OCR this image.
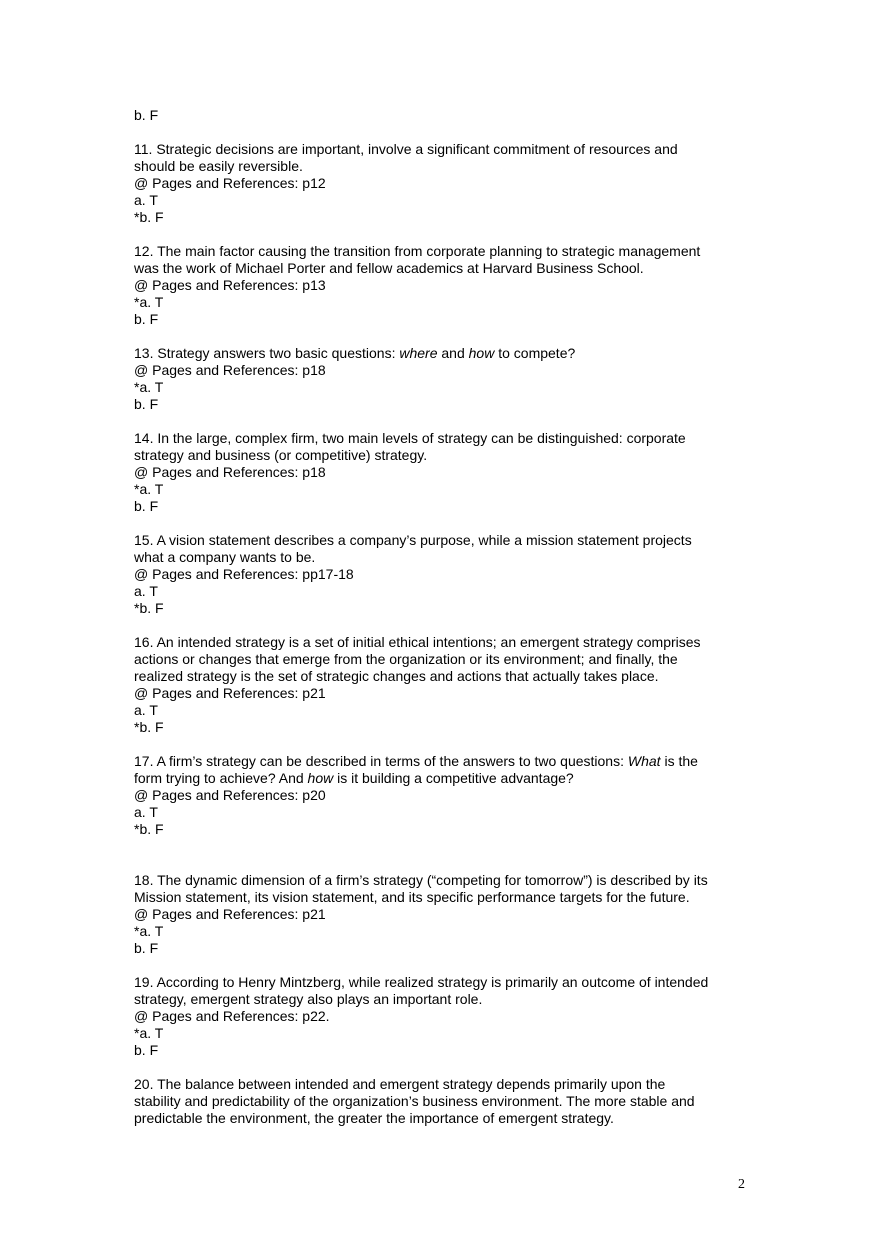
b. F
11. Strategic decisions are important, involve a significant commitment of resources and
should be easily reversible.
@ Pages and References: p12
a. T
*b. F
12. The main factor causing the transition from corporate planning to strategic management
was the work of Michael Porter and fellow academics at Harvard Business School.
@ Pages and References: p13
*a. T
b. F
13. Strategy answers two basic questions: where and how to compete?
@ Pages and References: p18
*a. T
b. F
14. In the large, complex firm, two main levels of strategy can be distinguished: corporate
strategy and business (or competitive) strategy.
@ Pages and References: p18
*a. T
b. F
15. A vision statement describes a company’s purpose, while a mission statement projects
what a company wants to be.
@ Pages and References: pp17-18
a. T
*b. F
16. An intended strategy is a set of initial ethical intentions; an emergent strategy comprises
actions or changes that emerge from the organization or its environment; and finally, the
realized strategy is the set of strategic changes and actions that actually takes place.
@ Pages and References: p21
a. T
*b. F
17. A firm’s strategy can be described in terms of the answers to two questions: What is the
form trying to achieve? And how is it building a competitive advantage?
@ Pages and References: p20
a. T
*b. F
18. The dynamic dimension of a firm’s strategy (“competing for tomorrow”) is described by its
Mission statement, its vision statement, and its specific performance targets for the future.
@ Pages and References: p21
*a. T
b. F
19. According to Henry Mintzberg, while realized strategy is primarily an outcome of intended
strategy, emergent strategy also plays an important role.
@ Pages and References: p22.
*a. T
b. F
20. The balance between intended and emergent strategy depends primarily upon the
stability and predictability of the organization’s business environment. The more stable and
predictable the environment, the greater the importance of emergent strategy.
2
